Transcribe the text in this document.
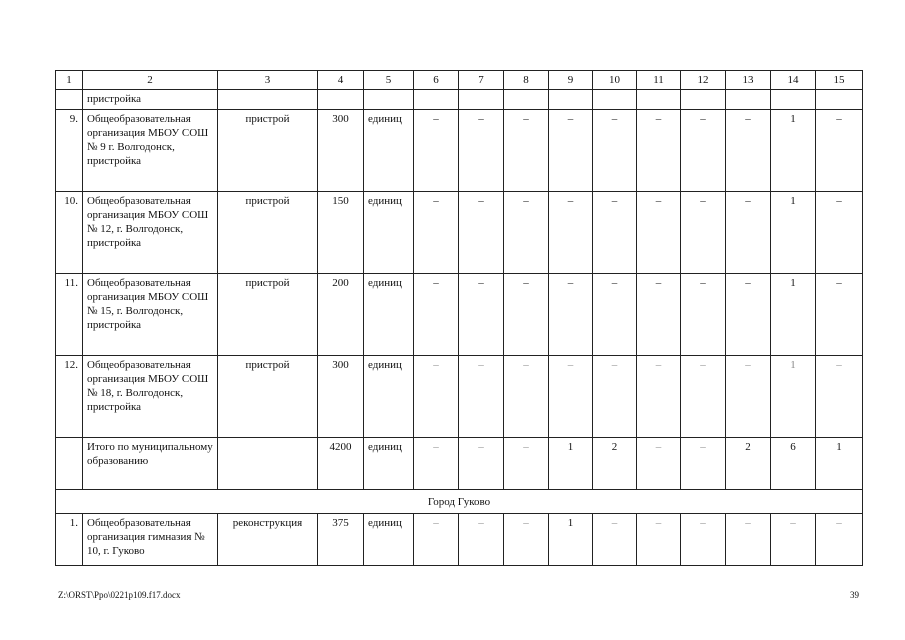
1	2	3	4	5	6	7	8	9	10	11	12	13	14	15
	пристройка													
9.	Общеобразовательная организация МБОУ СОШ № 9 г. Волгодонск, пристройка	пристрой	300	единиц	–	–	–	–	–	–	–	–	1	–
10.	Общеобразовательная организация МБОУ СОШ № 12, г. Волгодонск, пристройка	пристрой	150	единиц	–	–	–	–	–	–	–	–	1	–
11.	Общеобразовательная организация МБОУ СОШ № 15, г. Волгодонск, пристройка	пристрой	200	единиц	–	–	–	–	–	–	–	–	1	–
12.	Общеобразовательная организация МБОУ СОШ № 18, г. Волгодонск, пристройка	пристрой	300	единиц	–	–	–	–	–	–	–	–	1	–
	Итого по муниципальному образованию		4200	единиц	–	–	–	1	2	–	–	2	6	1
Город Гуково														
1.	Общеобразовательная организация гимназия № 10, г. Гуково	реконструкция	375	единиц	–	–	–	1	–	–	–	–	–	–
Z:\ORST\Ppo\0221p109.f17.docx	39
